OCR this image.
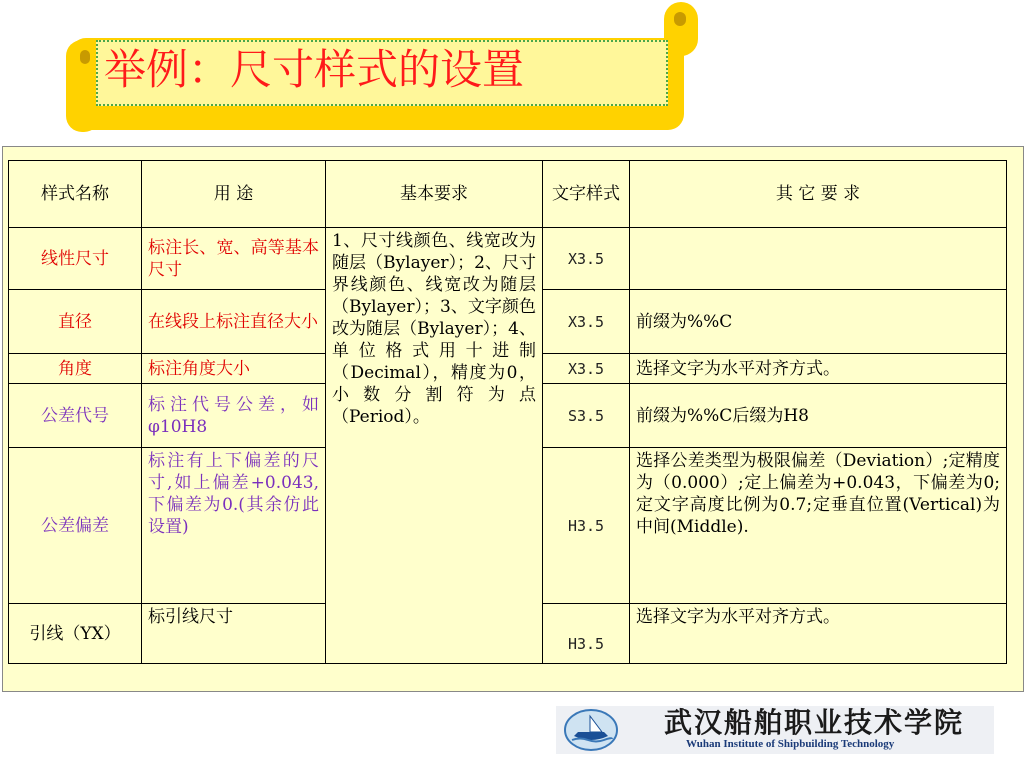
举例：尺寸样式的设置
样式名称	用 途	基本要求	文字样式	其 它 要 求
线性尺寸	标注长、宽、高等基本尺寸	1、尺寸线颜色、线宽改为随层（Bylayer）；2、尺寸界线颜色、线宽改为随层（Bylayer）；3、文字颜色改为随层（Bylayer）；4、单位格式用十进制（Decimal），精度为0，小数分割符为点（Period）。	X3.5	
直径	在线段上标注直径大小		X3.5	前缀为%%C
角度	标注角度大小		X3.5	选择文字为水平对齐方式。
公差代号	标注代号公差，如φ10H8		S3.5	前缀为%%C后缀为H8
公差偏差	标注有上下偏差的尺寸,如上偏差+0.043,下偏差为0.(其余仿此设置)		H3.5	选择公差类型为极限偏差（Deviation）;定精度为（0.000）;定上偏差为+0.043，下偏差为0;定文字高度比例为0.7;定垂直位置(Vertical)为中间(Middle).
引线（YX）	标引线尺寸		H3.5	选择文字为水平对齐方式。
武汉船舶职业技术学院
Wuhan Institute of Shipbuilding Technology
